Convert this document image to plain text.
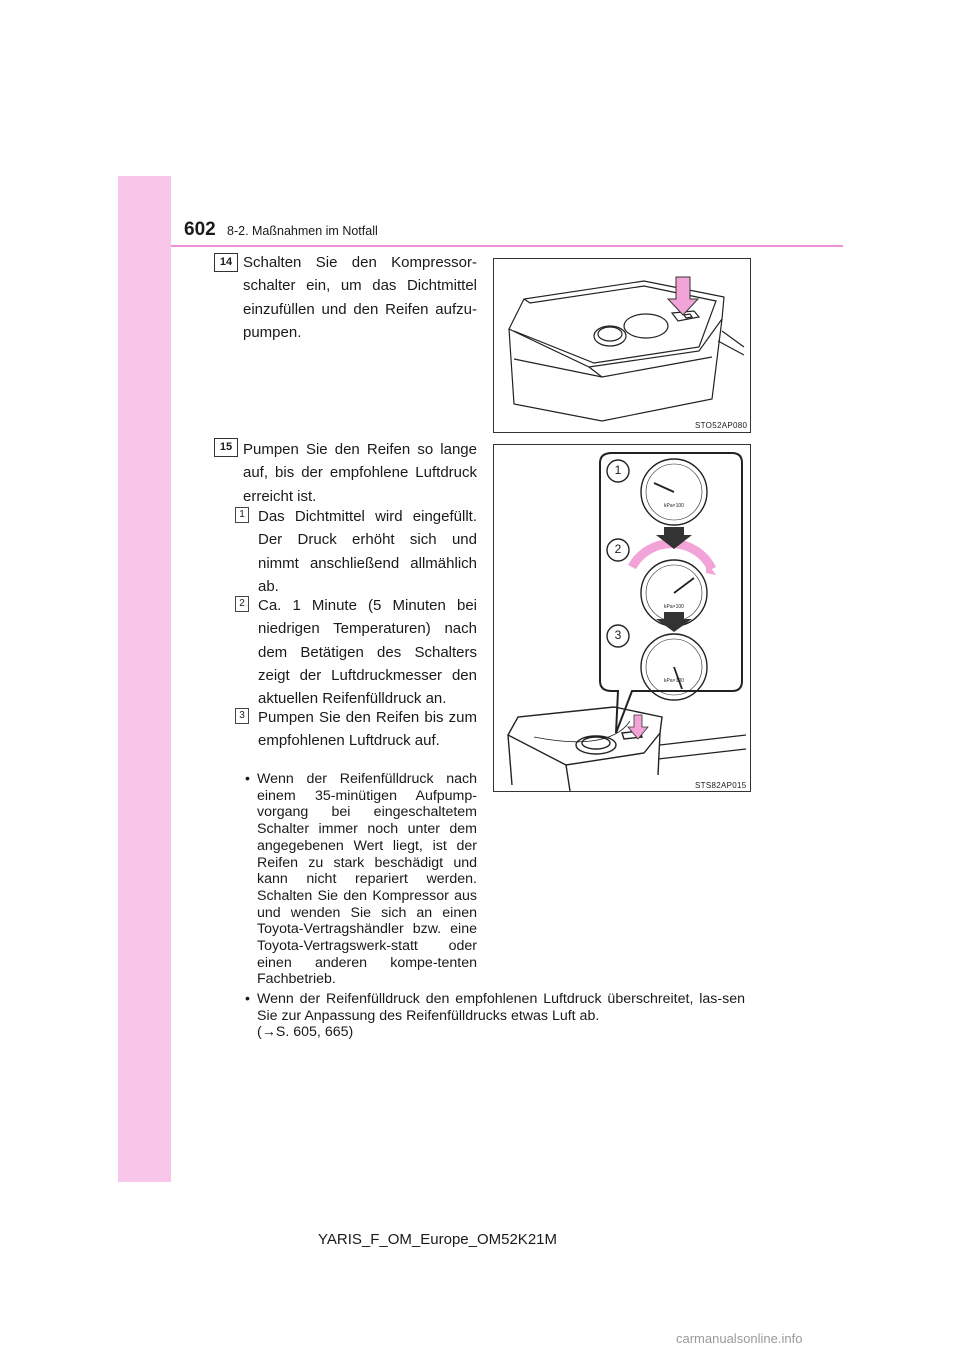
602 8-2. Maßnahmen im Notfall
14 Schalten Sie den Kompressor-schalter ein, um das Dichtmittel einzufüllen und den Reifen aufzu-pumpen.
STO52AP080
15 Pumpen Sie den Reifen so lange auf, bis der empfohlene Luftdruck erreicht ist.
1 Das Dichtmittel wird eingefüllt. Der Druck erhöht sich und nimmt anschließend allmählich ab.
2 Ca. 1 Minute (5 Minuten bei niedrigen Temperaturen) nach dem Betätigen des Schalters zeigt der Luftdruckmesser den aktuellen Reifenfülldruck an.
3 Pumpen Sie den Reifen bis zum empfohlenen Luftdruck auf.
• Wenn der Reifenfülldruck nach einem 35-minütigen Aufpump-vorgang bei eingeschaltetem Schalter immer noch unter dem angegebenen Wert liegt, ist der Reifen zu stark beschädigt und kann nicht repariert werden. Schalten Sie den Kompressor aus und wenden Sie sich an einen Toyota-Vertragshändler bzw. eine Toyota-Vertragswerk-statt oder einen anderen kompe-tenten Fachbetrieb.
• Wenn der Reifenfülldruck den empfohlenen Luftdruck überschreitet, las-sen Sie zur Anpassung des Reifenfülldrucks etwas Luft ab.
(→S. 605, 665)
1
2
3
kPa×100
kPa×100
kPa×100
STS82AP015
YARIS_F_OM_Europe_OM52K21M
carmanualsonline.info
